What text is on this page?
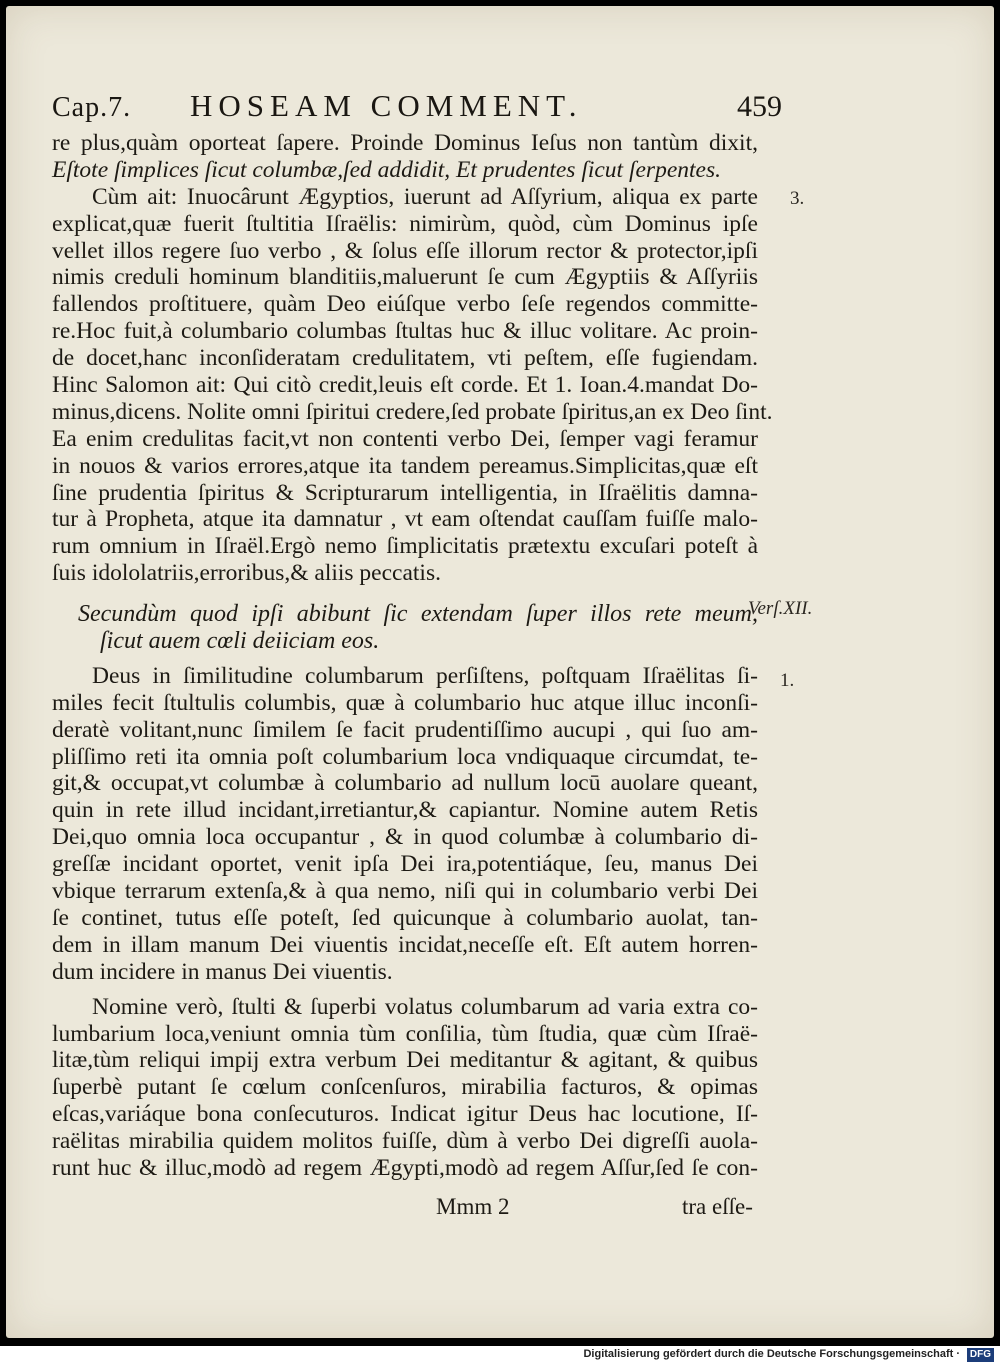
Cap.7. HOSEAM COMMENT.	459
re plus,quàm oporteat ſapere. Proinde Dominus Ieſus non tantùm dixit,
Eſtote ſimplices ſicut columbæ,ſed addidit, Et prudentes ſicut ſerpentes.
Cùm ait: Inuocârunt Ægyptios, iuerunt ad Aſſyrium, aliqua ex parte
explicat,quæ fuerit ſtultitia Iſraëlis: nimirùm, quòd, cùm Dominus ipſe
vellet illos regere ſuo verbo , & ſolus eſſe illorum rector & protector,ipſi
nimis creduli hominum blanditiis,maluerunt ſe cum Ægyptiis & Aſſyriis
fallendos proſtituere, quàm Deo eiúſque verbo ſeſe regendos committe-
re.Hoc fuit,à columbario columbas ſtultas huc & illuc volitare. Ac proin-
de docet,hanc inconſideratam credulitatem, vti peſtem, eſſe fugiendam.
Hinc Salomon ait: Qui citò credit,leuis eſt corde. Et 1. Ioan.4.mandat Do-
minus,dicens. Nolite omni ſpiritui credere,ſed probate ſpiritus,an ex Deo ſint.
Ea enim credulitas facit,vt non contenti verbo Dei, ſemper vagi feramur
in nouos & varios errores,atque ita tandem pereamus.Simplicitas,quæ eſt
ſine prudentia ſpiritus & Scripturarum intelligentia, in Iſraëlitis damna-
tur à Propheta, atque ita damnatur , vt eam oſtendat cauſſam fuiſſe malo-
rum omnium in Iſraël.Ergò nemo ſimplicitatis prætextu excuſari poteſt à
ſuis idololatriis,erroribus,& aliis peccatis.
Secundùm quod ipſi abibunt ſic extendam ſuper illos rete meum,
ſicut auem cœli deiiciam eos.
Deus in ſimilitudine columbarum perſiſtens, poſtquam Iſraëlitas ſi-
miles fecit ſtultulis columbis, quæ à columbario huc atque illuc inconſi-
deratè volitant,nunc ſimilem ſe facit prudentiſſimo aucupi , qui ſuo am-
pliſſimo reti ita omnia poſt columbarium loca vndiquaque circumdat, te-
git,& occupat,vt columbæ à columbario ad nullum locū auolare queant,
quin in rete illud incidant,irretiantur,& capiantur. Nomine autem Retis
Dei,quo omnia loca occupantur , & in quod columbæ à columbario di-
greſſæ incidant oportet, venit ipſa Dei ira,potentiáque, ſeu, manus Dei
vbique terrarum extenſa,& à qua nemo, niſi qui in columbario verbi Dei
ſe continet, tutus eſſe poteſt, ſed quicunque à columbario auolat, tan-
dem in illam manum Dei viuentis incidat,neceſſe eſt. Eſt autem horren-
dum incidere in manus Dei viuentis.
Nomine verò, ſtulti & ſuperbi volatus columbarum ad varia extra co-
lumbarium loca,veniunt omnia tùm conſilia, tùm ſtudia, quæ cùm Iſraë-
litæ,tùm reliqui impij extra verbum Dei meditantur & agitant, & quibus
ſuperbè putant ſe cœlum conſcenſuros, mirabilia facturos, & opimas
eſcas,variáque bona conſecuturos. Indicat igitur Deus hac locutione, Iſ-
raëlitas mirabilia quidem molitos fuiſſe, dùm à verbo Dei digreſſi auola-
runt huc & illuc,modò ad regem Ægypti,modò ad regem Aſſur,ſed ſe con-
3.
Verſ.XII.
1.
Mmm 2	tra eſſe-
Digitalisierung gefördert durch die Deutsche Forschungsgemeinschaft · DFG
